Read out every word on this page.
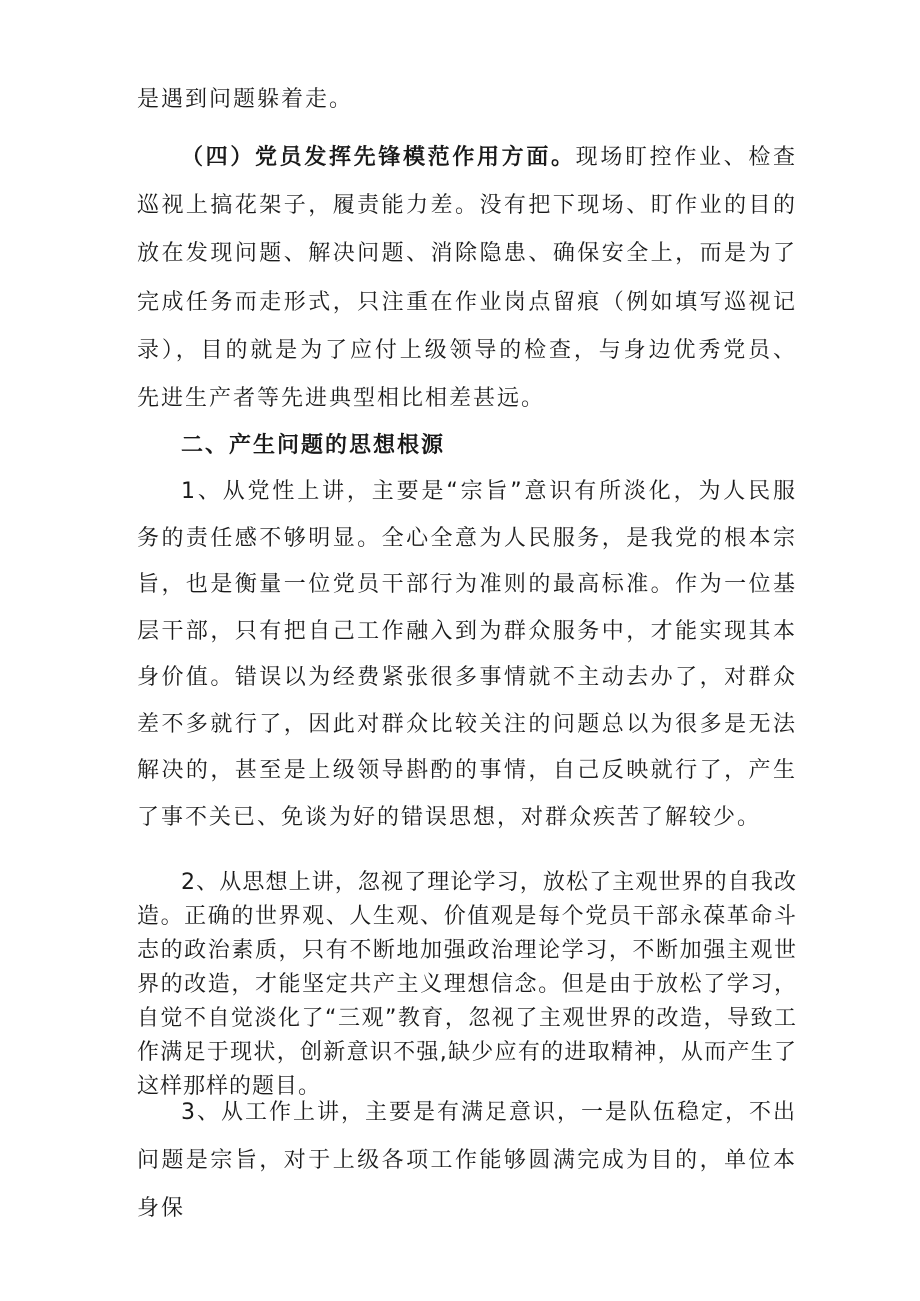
是遇到问题躲着走。

（四）党员发挥先锋模范作用方面。现场盯控作业、检查巡视上搞花架子，履责能力差。没有把下现场、盯作业的目的放在发现问题、解决问题、消除隐患、确保安全上，而是为了完成任务而走形式，只注重在作业岗点留痕（例如填写巡视记录），目的就是为了应付上级领导的检查，与身边优秀党员、先进生产者等先进典型相比相差甚远。

二、产生问题的思想根源

1、从党性上讲，主要是“宗旨”意识有所淡化，为人民服务的责任感不够明显。全心全意为人民服务，是我党的根本宗旨，也是衡量一位党员干部行为准则的最高标准。作为一位基层干部，只有把自己工作融入到为群众服务中，才能实现其本身价值。错误以为经费紧张很多事情就不主动去办了，对群众差不多就行了，因此对群众比较关注的问题总以为很多是无法解决的，甚至是上级领导斟酌的事情，自己反映就行了，产生了事不关已、免谈为好的错误思想，对群众疾苦了解较少。

2、从思想上讲，忽视了理论学习，放松了主观世界的自我改造。正确的世界观、人生观、价值观是每个党员干部永葆革命斗志的政治素质，只有不断地加强政治理论学习，不断加强主观世界的改造，才能坚定共产主义理想信念。但是由于放松了学习，自觉不自觉淡化了“三观”教育，忽视了主观世界的改造，导致工作满足于现状，创新意识不强,缺少应有的进取精神，从而产生了这样那样的题目。

3、从工作上讲，主要是有满足意识，一是队伍稳定，不出问题是宗旨，对于上级各项工作能够圆满完成为目的，单位本身保
